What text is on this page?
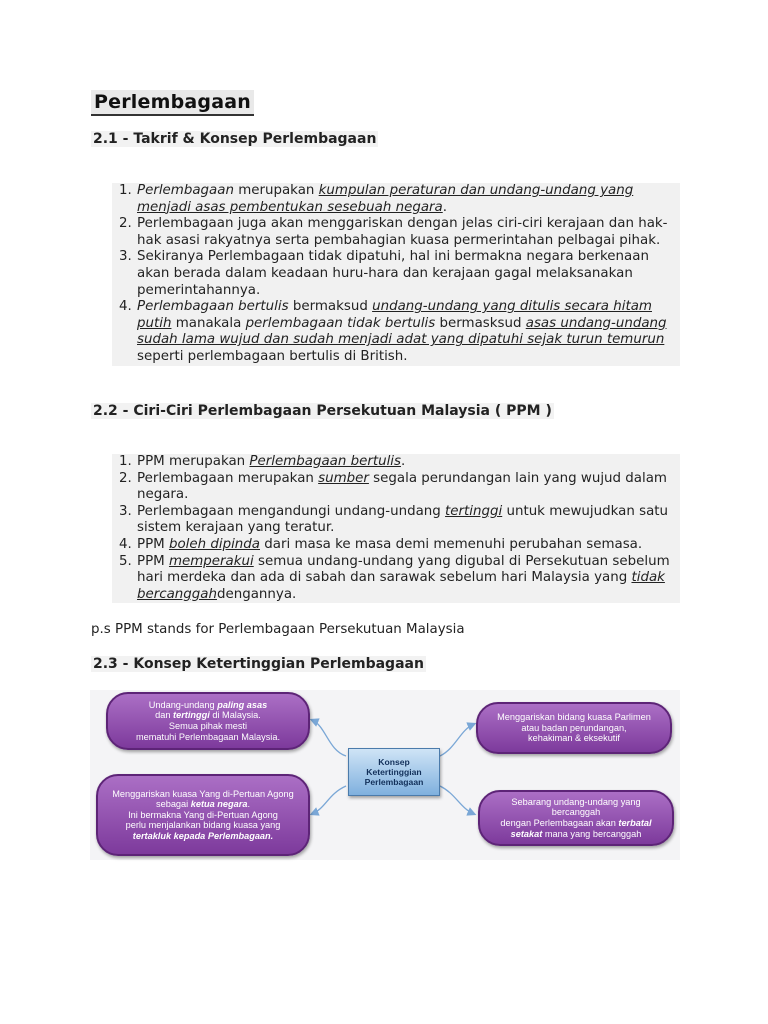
Perlembagaan
2.1 - Takrif & Konsep Perlembagaan
1. Perlembagaan merupakan kumpulan peraturan dan undang-undang yang menjadi asas pembentukan sesebuah negara.
2. Perlembagaan juga akan menggariskan dengan jelas ciri-ciri kerajaan dan hak-hak asasi rakyatnya serta pembahagian kuasa permerintahan pelbagai pihak.
3. Sekiranya Perlembagaan tidak dipatuhi, hal ini bermakna negara berkenaan akan berada dalam keadaan huru-hara dan kerajaan gagal melaksanakan pemerintahannya.
4. Perlembagaan bertulis bermaksud undang-undang yang ditulis secara hitam putih manakala perlembagaan tidak bertulis bermasksud asas undang-undang sudah lama wujud dan sudah menjadi adat yang dipatuhi sejak turun temurun seperti perlembagaan bertulis di British.
2.2 - Ciri-Ciri Perlembagaan Persekutuan Malaysia ( PPM )
1. PPM merupakan Perlembagaan bertulis.
2. Perlembagaan merupakan sumber segala perundangan lain yang wujud dalam negara.
3. Perlembagaan mengandungi undang-undang tertinggi untuk mewujudkan satu sistem kerajaan yang teratur.
4. PPM boleh dipinda dari masa ke masa demi memenuhi perubahan semasa.
5. PPM memperakui semua undang-undang yang digubal di Persekutuan sebelum hari merdeka dan ada di sabah dan sarawak sebelum hari Malaysia yang tidak bercanggahdengannya.
p.s PPM stands for Perlembagaan Persekutuan Malaysia
2.3 - Konsep Ketertinggian Perlembagaan
Undang-undang paling asas
dan tertinggi di Malaysia.
Semua pihak mesti
mematuhi Perlembagaan Malaysia.
Menggariskan kuasa Yang di-Pertuan Agong
sebagai ketua negara.
Ini bermakna Yang di-Pertuan Agong
perlu menjalankan bidang kuasa yang
tertakluk kepada Perlembagaan.
Konsep
Ketertinggian
Perlembagaan
Menggariskan bidang kuasa Parlimen
atau badan perundangan,
kehakiman & eksekutif
Sebarang undang-undang yang bercanggah
dengan Perlembagaan akan terbatal
setakat mana yang bercanggah
